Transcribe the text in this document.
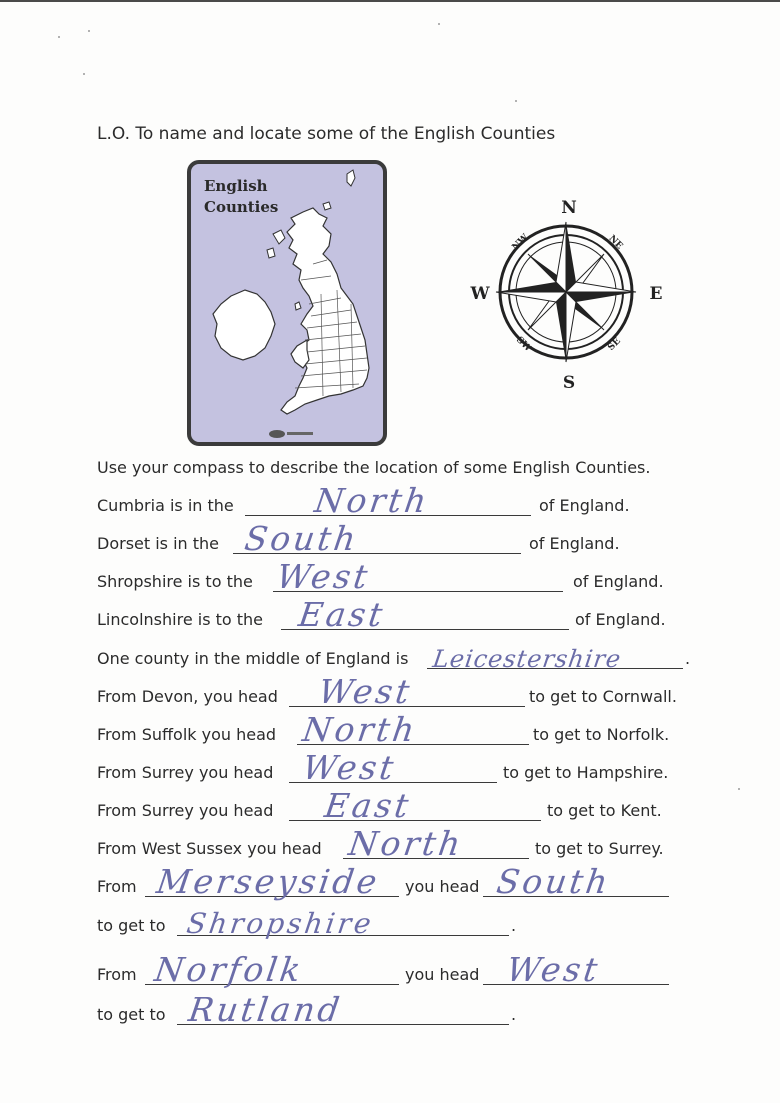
L.O. To name and locate some of the English Counties
English
Counties	N
S
E
W
NE
NW
SE
SW
Use your compass to describe the location of some English Counties.
Cumbria is in the North	of England.
Dorset is in the South	of England.
Shropshire is to the West	of England.
Lincolnshire is to the East	of England.
One county in the middle of England is Leicestershire	.
From Devon, you head West	to get to Cornwall.
From Suffolk you head North	to get to Norfolk.
From Surrey you head West	to get to Hampshire.
From Surrey you head East	to get to Kent.
From West Sussex you head North	to get to Surrey.
From Merseyside you head South
to get to Shropshire	.
From Norfolk	you head West
to get to Rutland	.
